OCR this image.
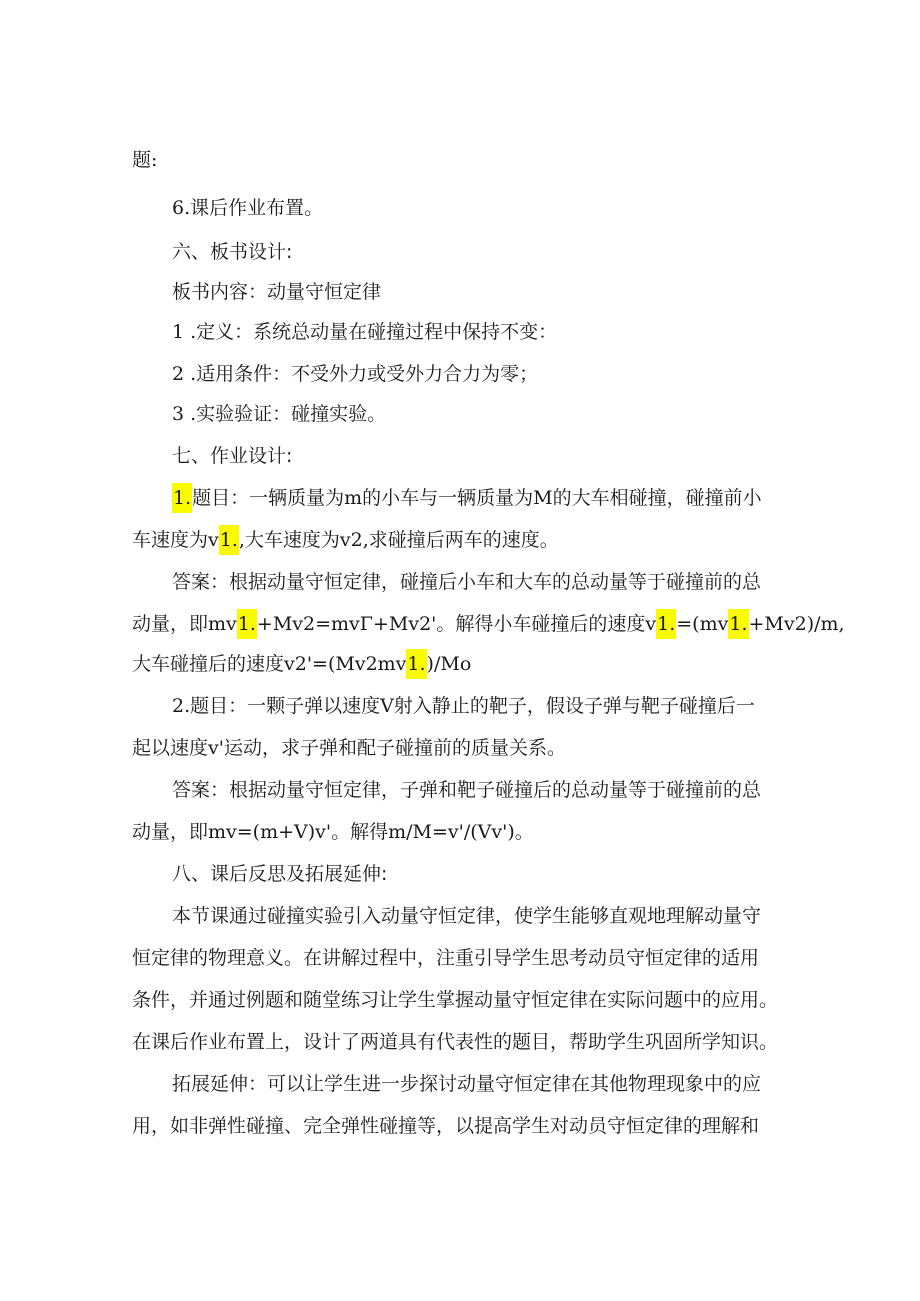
题:
6.课后作业布置。
六、板书设计:
板书内容：动量守恒定律
1 .定义：系统总动量在碰撞过程中保持不变：
2 .适用条件：不受外力或受外力合力为零；
3 .实验验证：碰撞实验。
七、作业设计:
1.题目：一辆质量为m的小车与一辆质量为M的大车相碰撞，碰撞前小
车速度为v1.,大车速度为v2,求碰撞后两车的速度。
答案：根据动量守恒定律，碰撞后小车和大车的总动量等于碰撞前的总
动量，即mv1.+Mv2=mvΓ+Mv2'。解得小车碰撞后的速度v1.=(mv1.+Mv2)/m,
大车碰撞后的速度v2'=(Mv2mv1.)/Mo
2.题目：一颗子弹以速度V射入静止的靶子，假设子弹与靶子碰撞后一
起以速度v'运动，求子弹和配子碰撞前的质量关系。
答案：根据动量守恒定律，子弹和靶子碰撞后的总动量等于碰撞前的总
动量，即mv=(m+V)v'。解得m/M=v'/(Vv')。
八、课后反思及拓展延伸:
本节课通过碰撞实验引入动量守恒定律，使学生能够直观地理解动量守
恒定律的物理意义。在讲解过程中，注重引导学生思考动员守恒定律的适用
条件，并通过例题和随堂练习让学生掌握动量守恒定律在实际问题中的应用。
在课后作业布置上，设计了两道具有代表性的题目，帮助学生巩固所学知识。
拓展延伸：可以让学生进一步探讨动量守恒定律在其他物理现象中的应
用，如非弹性碰撞、完全弹性碰撞等，以提高学生对动员守恒定律的理解和
